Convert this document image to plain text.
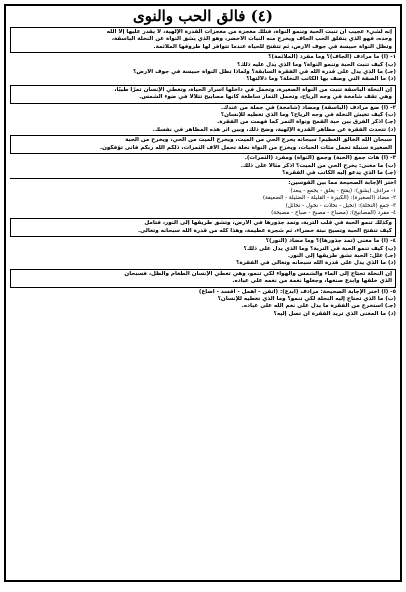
(٤) فالق الحب والنوى

إنه لشيء عجيب أن تنبت الحبة وتنمو النواة، فتلك معجزة من معجزات القدرة الإلهية، لا يقدر عليها إلا الله

وحده، فهو الذي ينفلق الحب الجاف ويخرج منه النبات الأخضر، وهو الذي يشق النواة عن النخلة الباسقة،

وتظل النواة حبيسة في جوف الأرض، ثم تتفتح للحياة عندما تتوافر لها ظروفها الملائمة.

١- (أ) ما مرادف (الجاف)؟ وما مفرد (الملائمة)؟

(ب) كيف تنبت الحبة وتنمو النواة؟ وما الذي يدل عليه ذلك؟

(جـ) ما الذي يدل على قدرة الله في الفقرة السابقة؟ ولماذا تظل النواة حبيسة في جوف الأرض؟

(د) ما الصفة التي وصف بها الكاتب النخلة؟ وما دلالتها؟

إن النخلة الباسقة تنبت من النواة الصغيرة، وتحمل في داخلها أسرار الحياة، وتعطي الإنسان تمرًا طيبًا،

وهي تقف شامخة في وجه الرياح، وتحمل الثمار ساطعة كأنها مصابيح تتلألأ في ضوء الشمس.

٢- (أ) ضع مرادف (الباسقة) ومضاد (شامخة) في جملة من عندك.

(ب) كيف تعيش النخلة في وجه الرياح؟ وما الذي تعطيه للإنسان؟

(جـ) اذكر الفرق بين حبة القمح ونواة التمر كما فهمت من الفقرة.

(د) تتحدث الفقرة عن مظاهر القدرة الإلهية، وضح ذلك، وبين أثر هذه المظاهر في نفسك.

سبحان الله الخالق العظيم! سبحانه يخرج الحي من الميت، ويخرج الميت من الحي، ويخرج من الحبة

الصغيرة سنبلة تحمل مئات الحبات، ويخرج من النواة نخلة تحمل آلاف الثمرات، ذلكم الله ربكم فأنى تؤفكون.

٣- (أ) هات جمع (الحبة) وجمع (النواة) ومفرد (الثمرات).

(ب) ما معنى: يخرج الحي من الميت؟ اذكر مثالًا على ذلك.

(جـ) ما الذي يدعو إليه الكاتب في الفقرة؟

اختر الإجابة الصحيحة مما بين القوسين:

١- مرادف (يشق): (يفتح - يغلق - يجمع - يبعد)

٢- مضاد (الصغيرة): (الكبيرة - القليلة - الضئيلة - الضعيفة)

٣- جمع (النخلة): (نخيل - نخلات - نخول - نخائل)

٤- مفرد (المصابيح): (مصباح - مصبح - صباح - مصبحة)

وكذلك تنمو الحبة في قلب التربة، وتمد جذورها في الأرض، وتشق طريقها إلى النور، فتأمل

كيف تتفتح الحبة وتصبح نبتة خضراء، ثم شجرة عظيمة، وهذا كله من قدرة الله سبحانه وتعالى.

٤- (أ) ما معنى (تمد جذورها)؟ وما مضاد (النور)؟

(ب) كيف تنمو الحبة في التربة؟ وما الذي يدل على ذلك؟

(جـ) علل: الحبة تشق طريقها إلى النور.

(د) ما الذي يدل على قدرة الله سبحانه وتعالى في الفقرة؟

إن النخلة تحتاج إلى الماء والشمس والهواء لكي تنمو، وهي تعطي الإنسان الطعام والظل، فسبحان

الذي خلقها وأبدع صنعها، وجعلها نعمة من نعمه على عباده.

٥- (أ) اختر الإجابة الصحيحة: مرادف (أبدع): (أتقن - أهمل - أفسد - أضاع)

(ب) ما الذي تحتاج إليه النخلة لكي تنمو؟ وما الذي تعطيه للإنسان؟

(جـ) استخرج من الفقرة ما يدل على نعم الله على عباده.

(د) ما المعنى الذي تريد الفقرة أن تصل إليه؟
